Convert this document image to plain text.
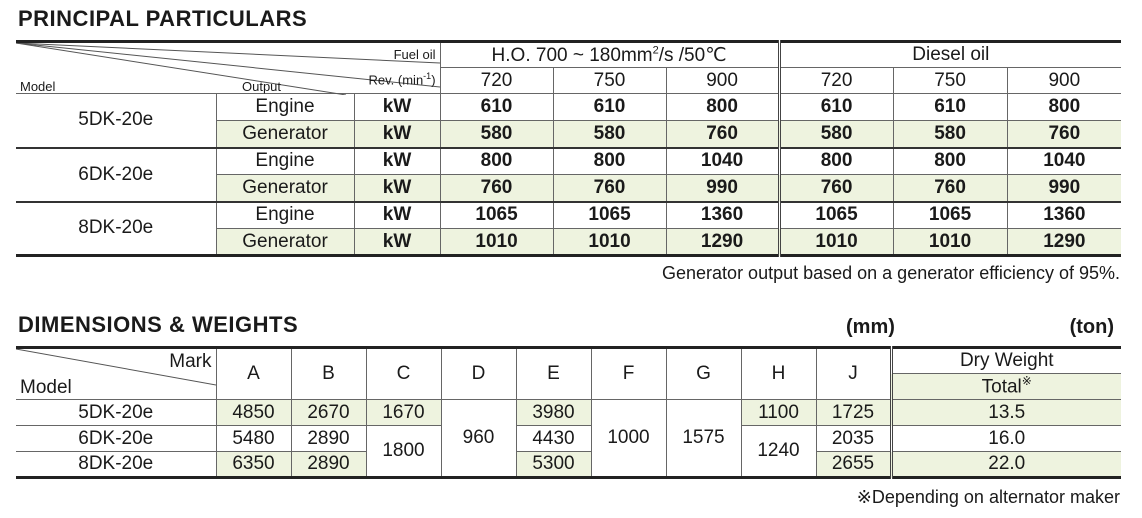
PRINCIPAL PARTICULARS
Fuel oil
Rev. $(\min^{-1})$
Output
Model			H.O. 700 ~ $180mm^2/s$ /50℃			Diesel oil		
			720	750	900	720	750	900
5DK-20e	Engine	kW	610	610	800	610	610	800
	Generator	kW	580	580	760	580	580	760
6DK-20e	Engine	kW	800	800	1040	800	800	1040
	Generator	kW	760	760	990	760	760	990
8DK-20e	Engine	kW	1065	1065	1360	1065	1065	1360
	Generator	kW	1010	1010	1290	1010	1010	1290
Generator output based on a generator efficiency of 95%.
DIMENSIONS & WEIGHTS	(mm)	(ton)
Mark
Model	A	B	C	D	E	F	G	H	J	Dry Weight
										Total※
5DK-20e	4850	2670	1670	960	3980	1000	1575	1100	1725	13.5
6DK-20e	5480	2890	1800		4430			1240	2035	16.0
8DK-20e	6350	2890			5300				2655	22.0
※Depending on alternator maker
